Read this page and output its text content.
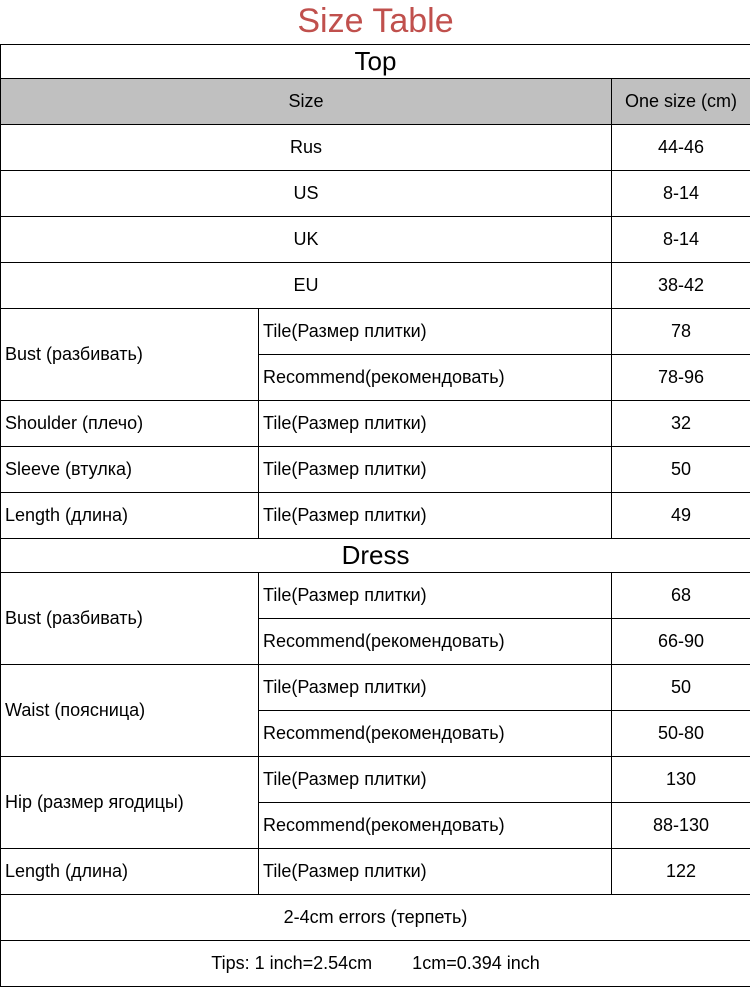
Size Table		
Top		
Size		One size (cm)
Rus		44-46
US		8-14
UK		8-14
EU		38-42
Bust (разбивать)	Tile(Размер плитки)	78
	Recommend(рекомендовать)	78-96
Shoulder (плечо)	Tile(Размер плитки)	32
Sleeve (втулка)	Tile(Размер плитки)	50
Length (длина)	Tile(Размер плитки)	49
Dress		
Bust (разбивать)	Tile(Размер плитки)	68
	Recommend(рекомендовать)	66-90
Waist (поясница)	Tile(Размер плитки)	50
	Recommend(рекомендовать)	50-80
Hip (размер ягодицы)	Tile(Размер плитки)	130
	Recommend(рекомендовать)	88-130
Length (длина)	Tile(Размер плитки)	122
2-4cm errors (терпеть)		
Tips: 1 inch=2.54cm        1cm=0.394 inch		
